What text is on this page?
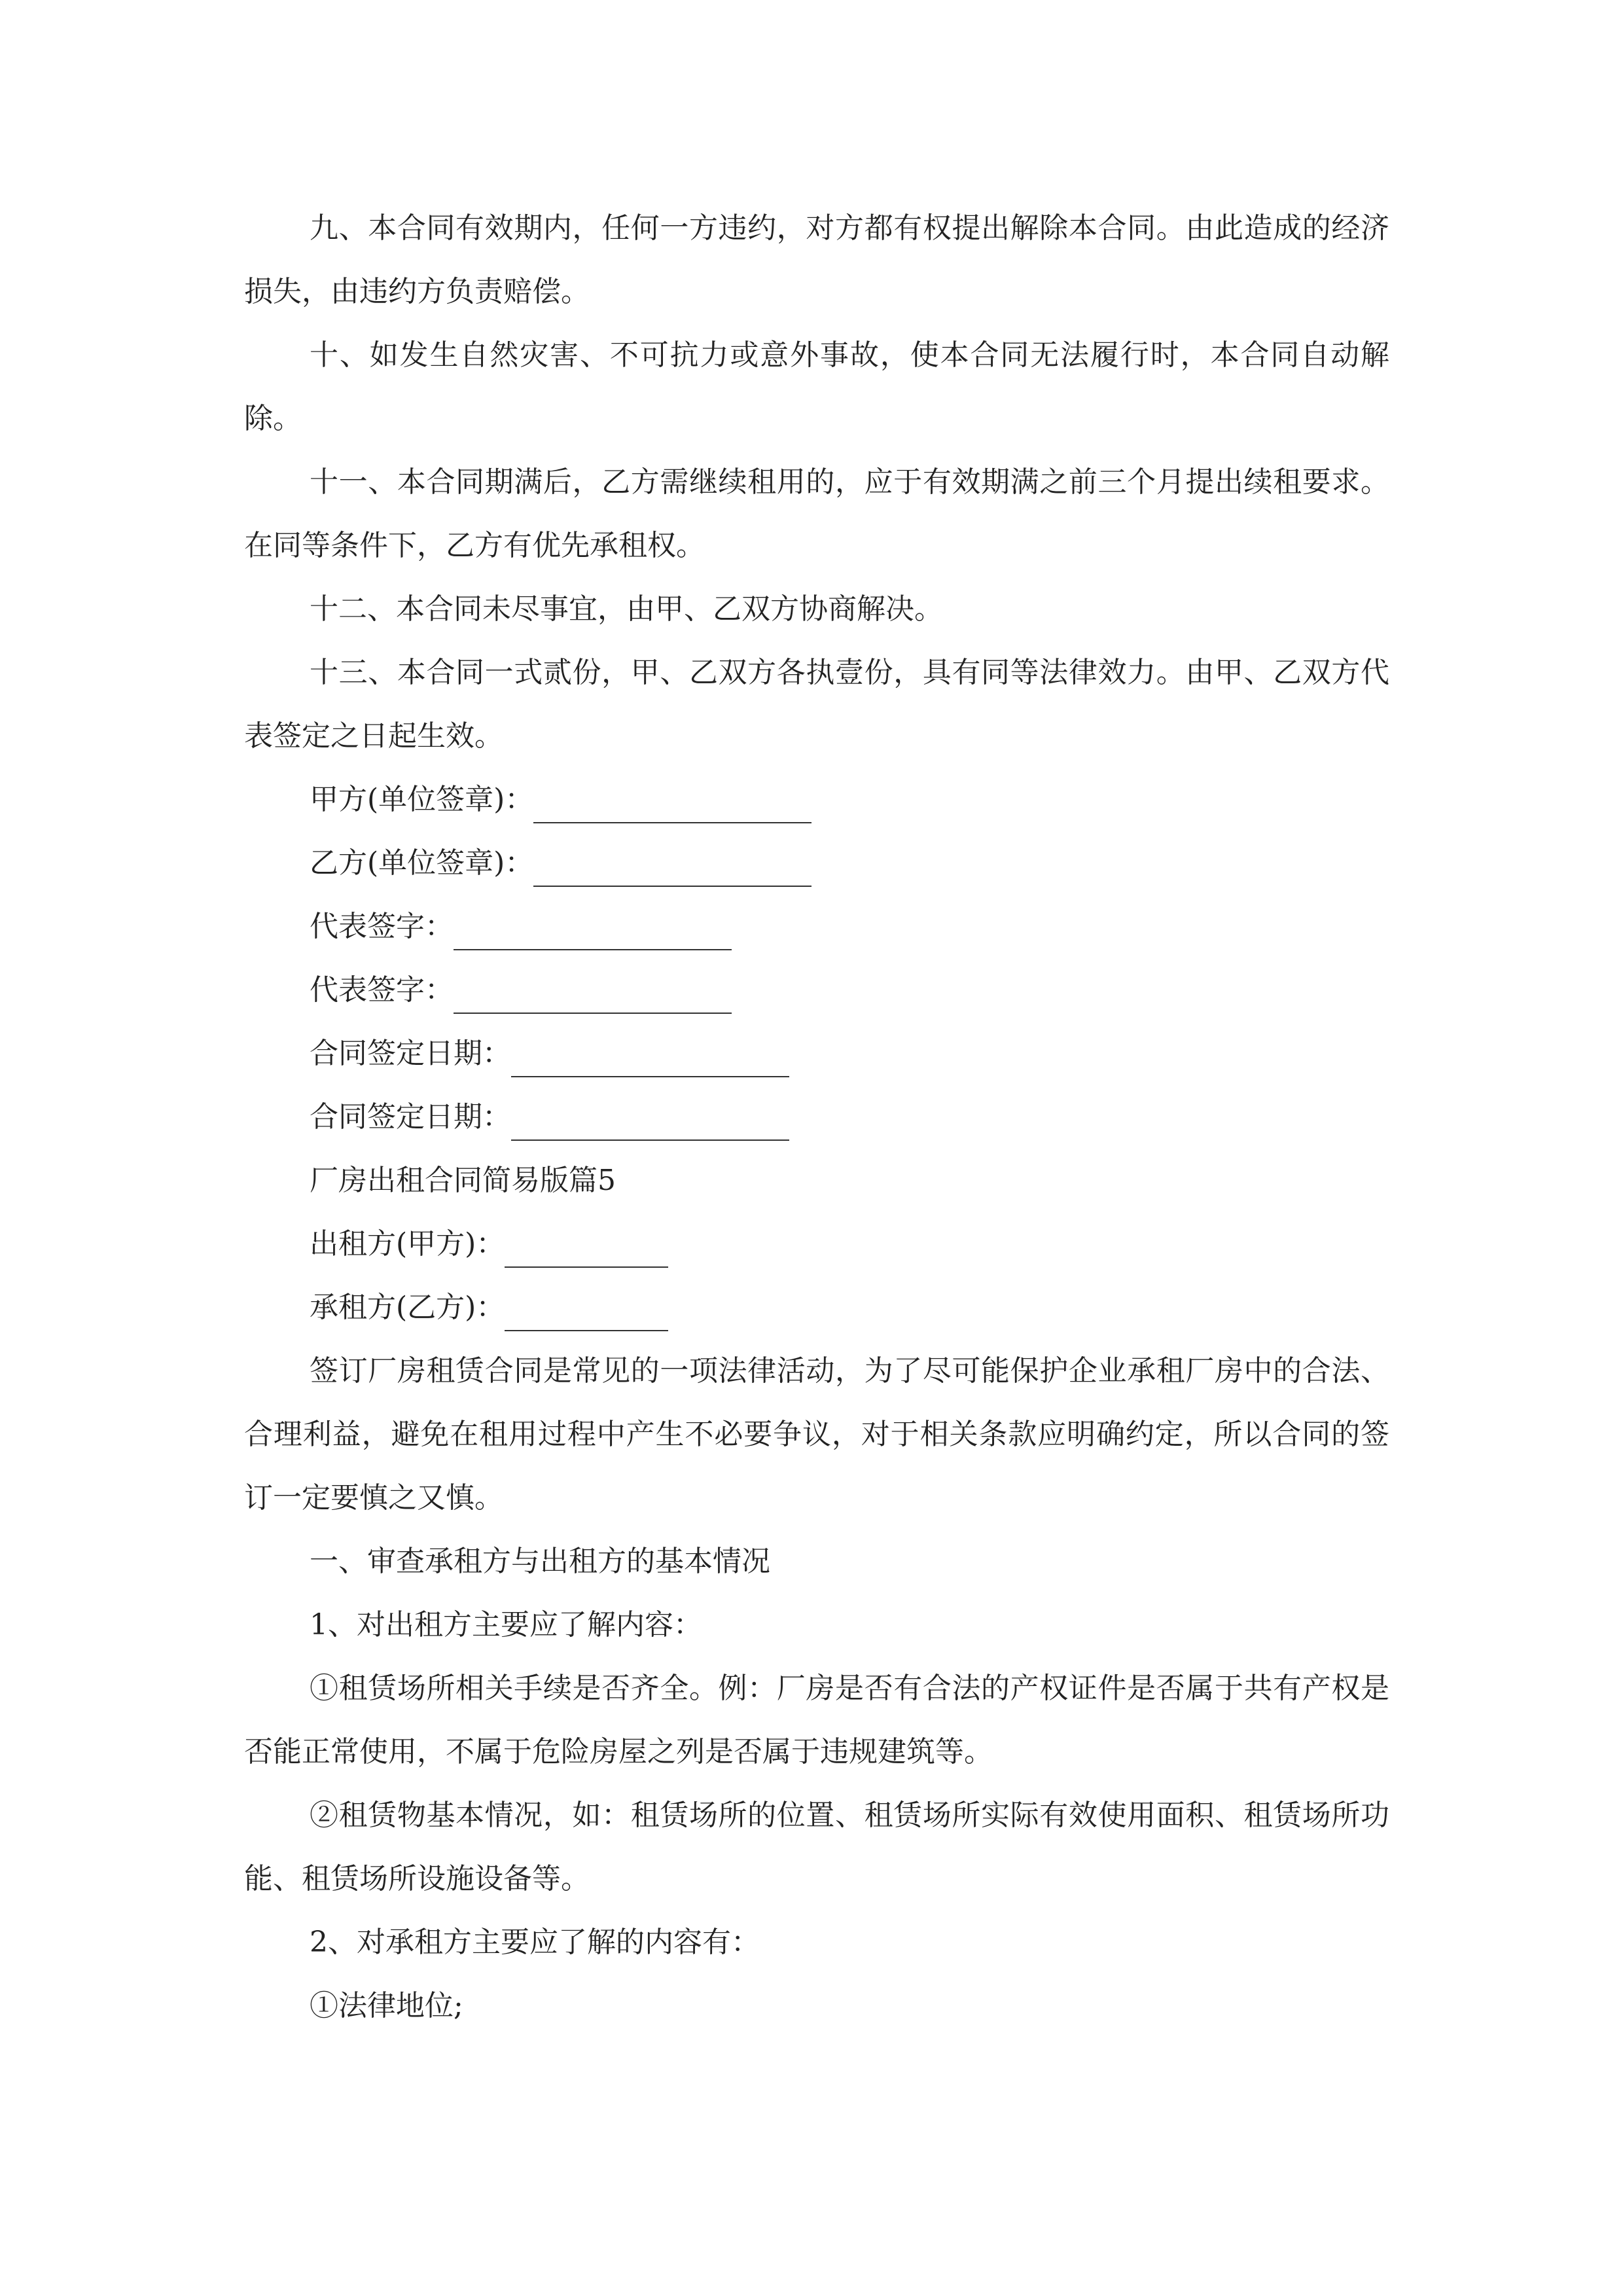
九、本合同有效期内，任何一方违约，对方都有权提出解除本合同。由此造成的经济损失，由违约方负责赔偿。

十、如发生自然灾害、不可抗力或意外事故，使本合同无法履行时，本合同自动解除。

十一、本合同期满后，乙方需继续租用的，应于有效期满之前三个月提出续租要求。在同等条件下，乙方有优先承租权。

十二、本合同未尽事宜，由甲、乙双方协商解决。

十三、本合同一式贰份，甲、乙双方各执壹份，具有同等法律效力。由甲、乙双方代表签定之日起生效。

甲方(单位签章)：
乙方(单位签章)：
代表签字：
代表签字：
合同签定日期：
合同签定日期：
厂房出租合同简易版篇5
出租方(甲方)：
承租方(乙方)：

签订厂房租赁合同是常见的一项法律活动，为了尽可能保护企业承租厂房中的合法、合理利益，避免在租用过程中产生不必要争议，对于相关条款应明确约定，所以合同的签订一定要慎之又慎。

一、审查承租方与出租方的基本情况

1、对出租方主要应了解内容：

①租赁场所相关手续是否齐全。例：厂房是否有合法的产权证件是否属于共有产权是否能正常使用，不属于危险房屋之列是否属于违规建筑等。

②租赁物基本情况，如：租赁场所的位置、租赁场所实际有效使用面积、租赁场所功能、租赁场所设施设备等。

2、对承租方主要应了解的内容有：

①法律地位;
